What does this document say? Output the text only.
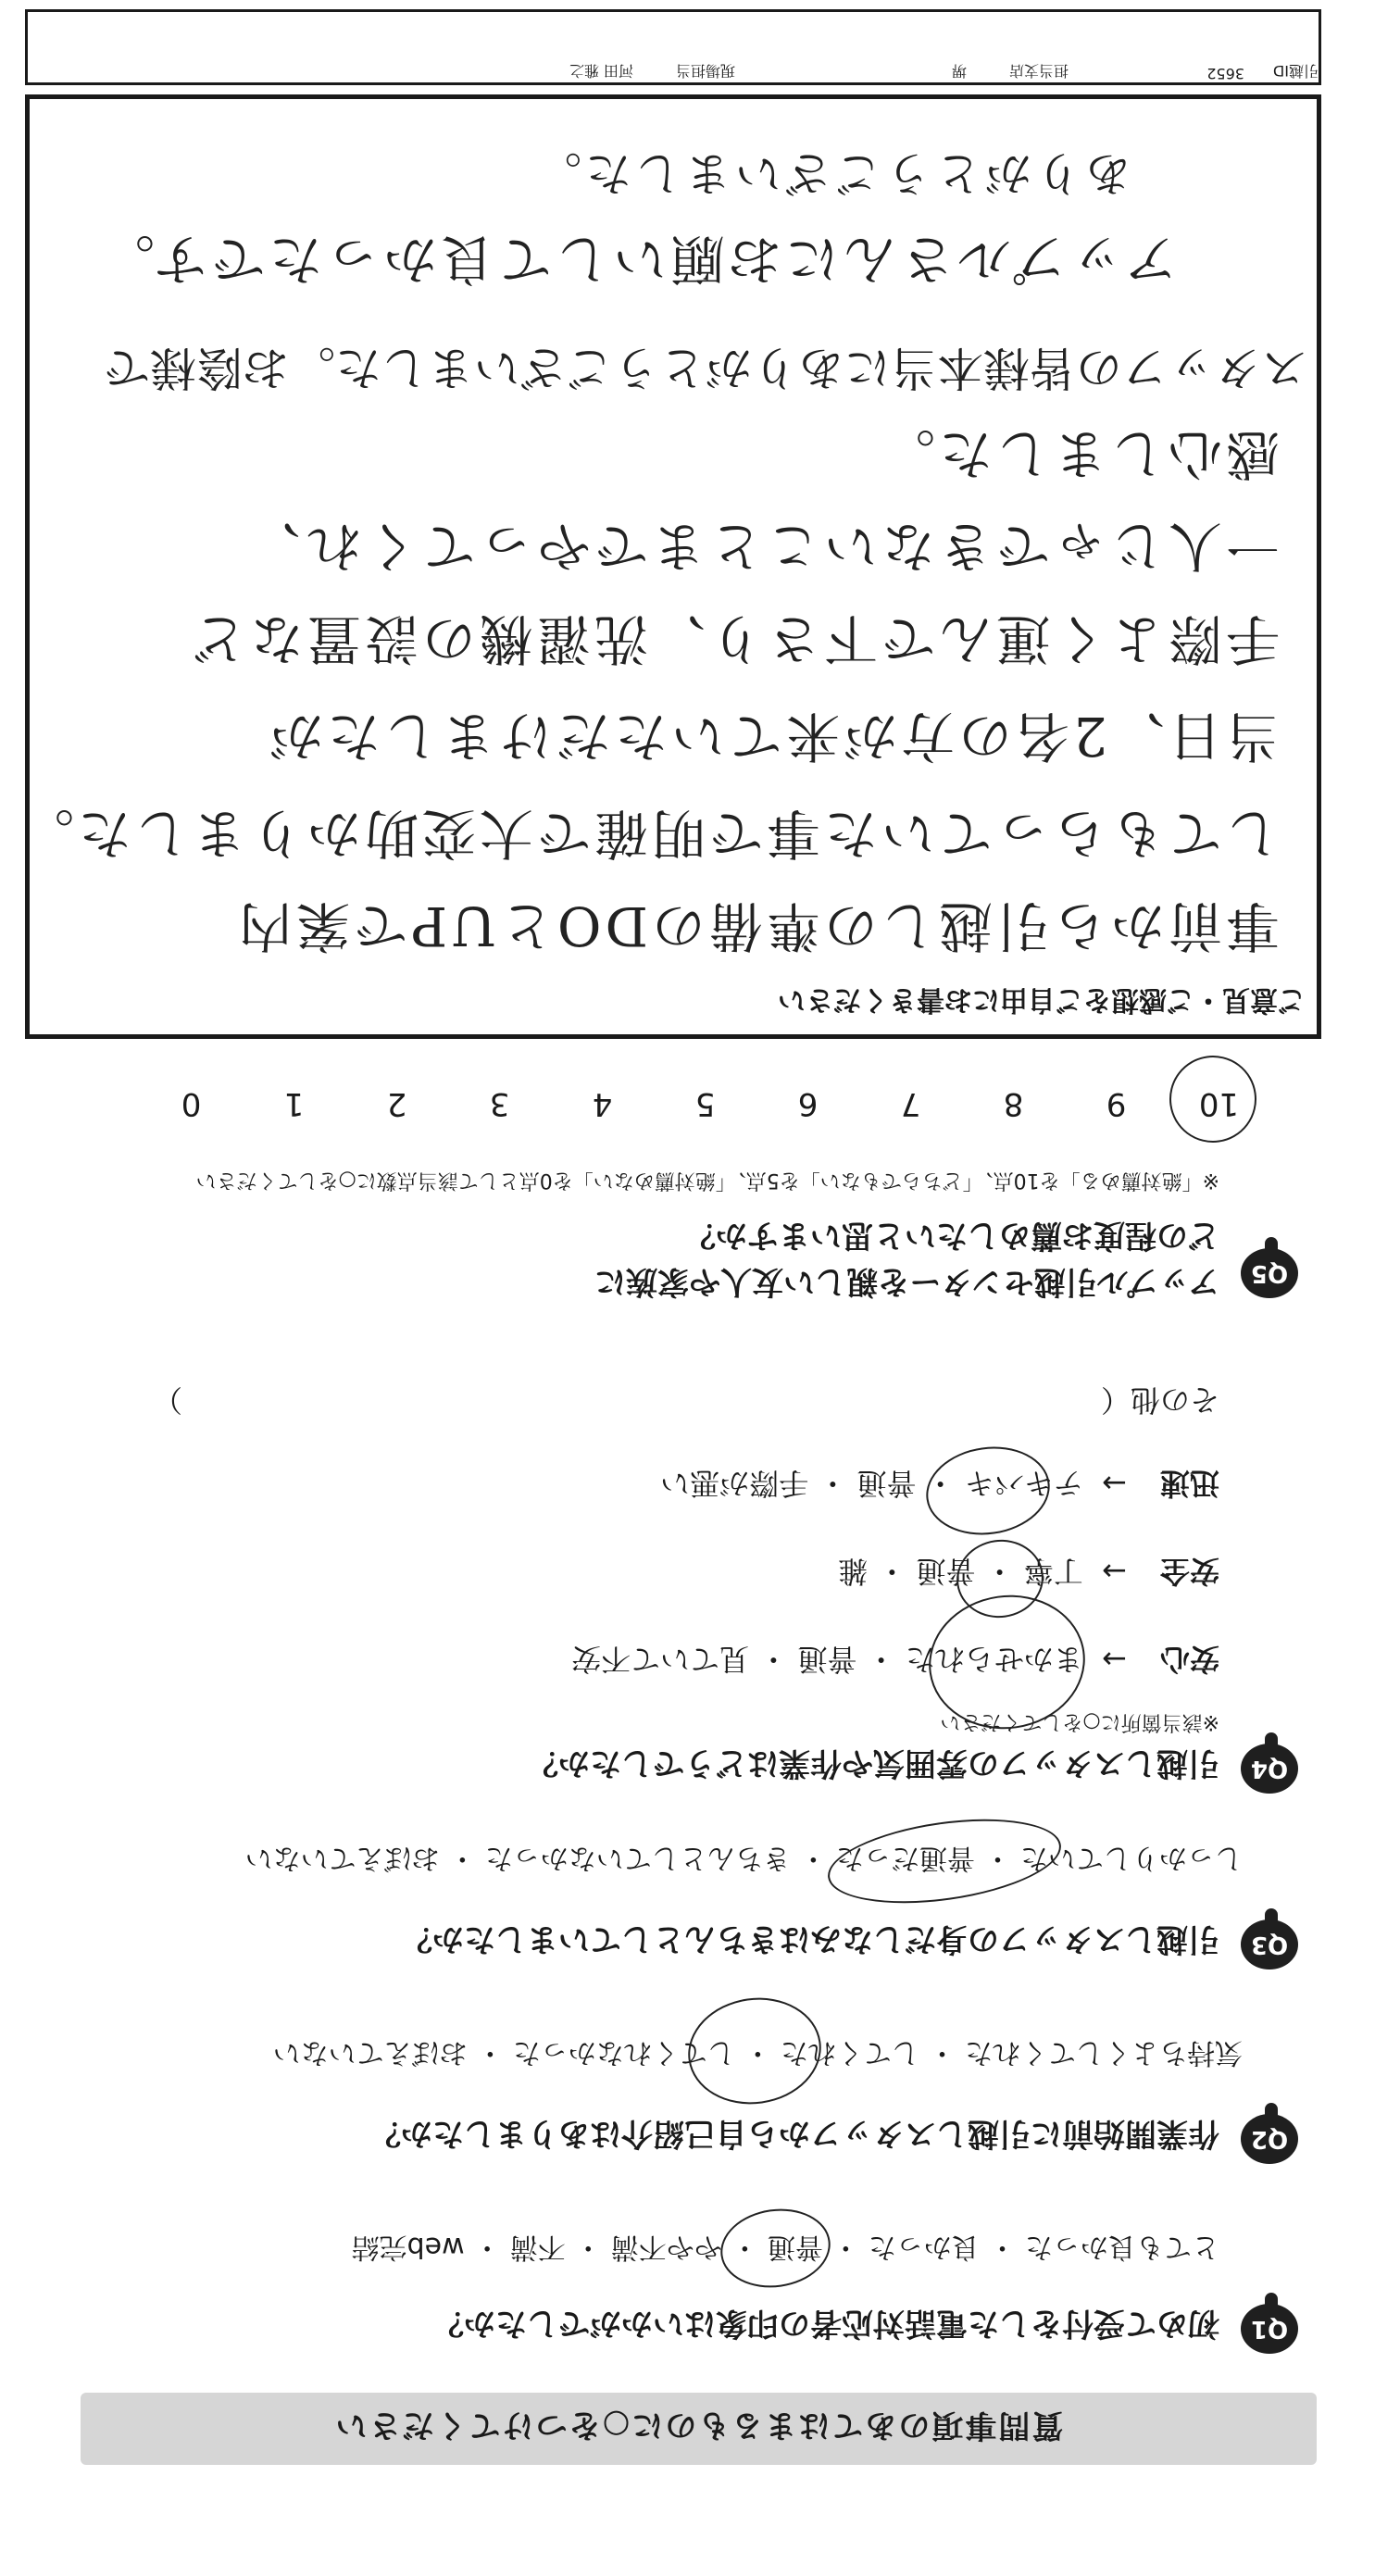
質問事項のあてはまるものに○をつけてください
Q1
初めて受付をした電話対応者の印象はいかがでしたか？
とても良かった ・ 良かった ・ 普通 ・ やや不満 ・ 不満 ・ web完結
Q2
作業開始前に引越しスタッフから自己紹介はありましたか？
気持ちよくしてくれた ・ してくれた ・ してくれなかった ・ おぼえていない
Q3
引越しスタッフの身だしなみはきちんとしていましたか？
しっかりしていた ・ 普通だった ・ きちんとしていなかった ・ おぼえていない
Q4
引越しスタッフの雰囲気や作業はどうでしたか？
※該当箇所に○をしてください
安心→  まかせられた ・ 普通 ・ 見ていて不安
安全→  丁寧 ・ 普通 ・ 雑
迅速→  テキパキ ・ 普通 ・ 手際が悪い
その他（　　　　　　　　　　　　　　　　　　　　　　　　　　　　　　　）
Q5
アップル引越センターを親しい友人や家族に
どの程度お薦めしたいと思いますか？
※「絶対薦める」を10点、「どちらでもない」を5点、「絶対薦めない」を0点として該当点数に○をしてください
109876543210
ご意見・ご感想をご自由にお書きください
事前から引越しの準備のDOとUPで案内
してもらっていた事で明確で大変助かりました。
当日、2名の方が来ていただけましたが
手際よく運んで下さり、洗濯機の設置など
一人じゃできないことまでやってくれ、
感心しました。
スタッフの皆様本当にありがとうございました。お陰様で
アップルさんにお願いして良かったです。
ありがとうございました。
引越ID
3652
担当支店
堺
現場担当
河田 雅之
